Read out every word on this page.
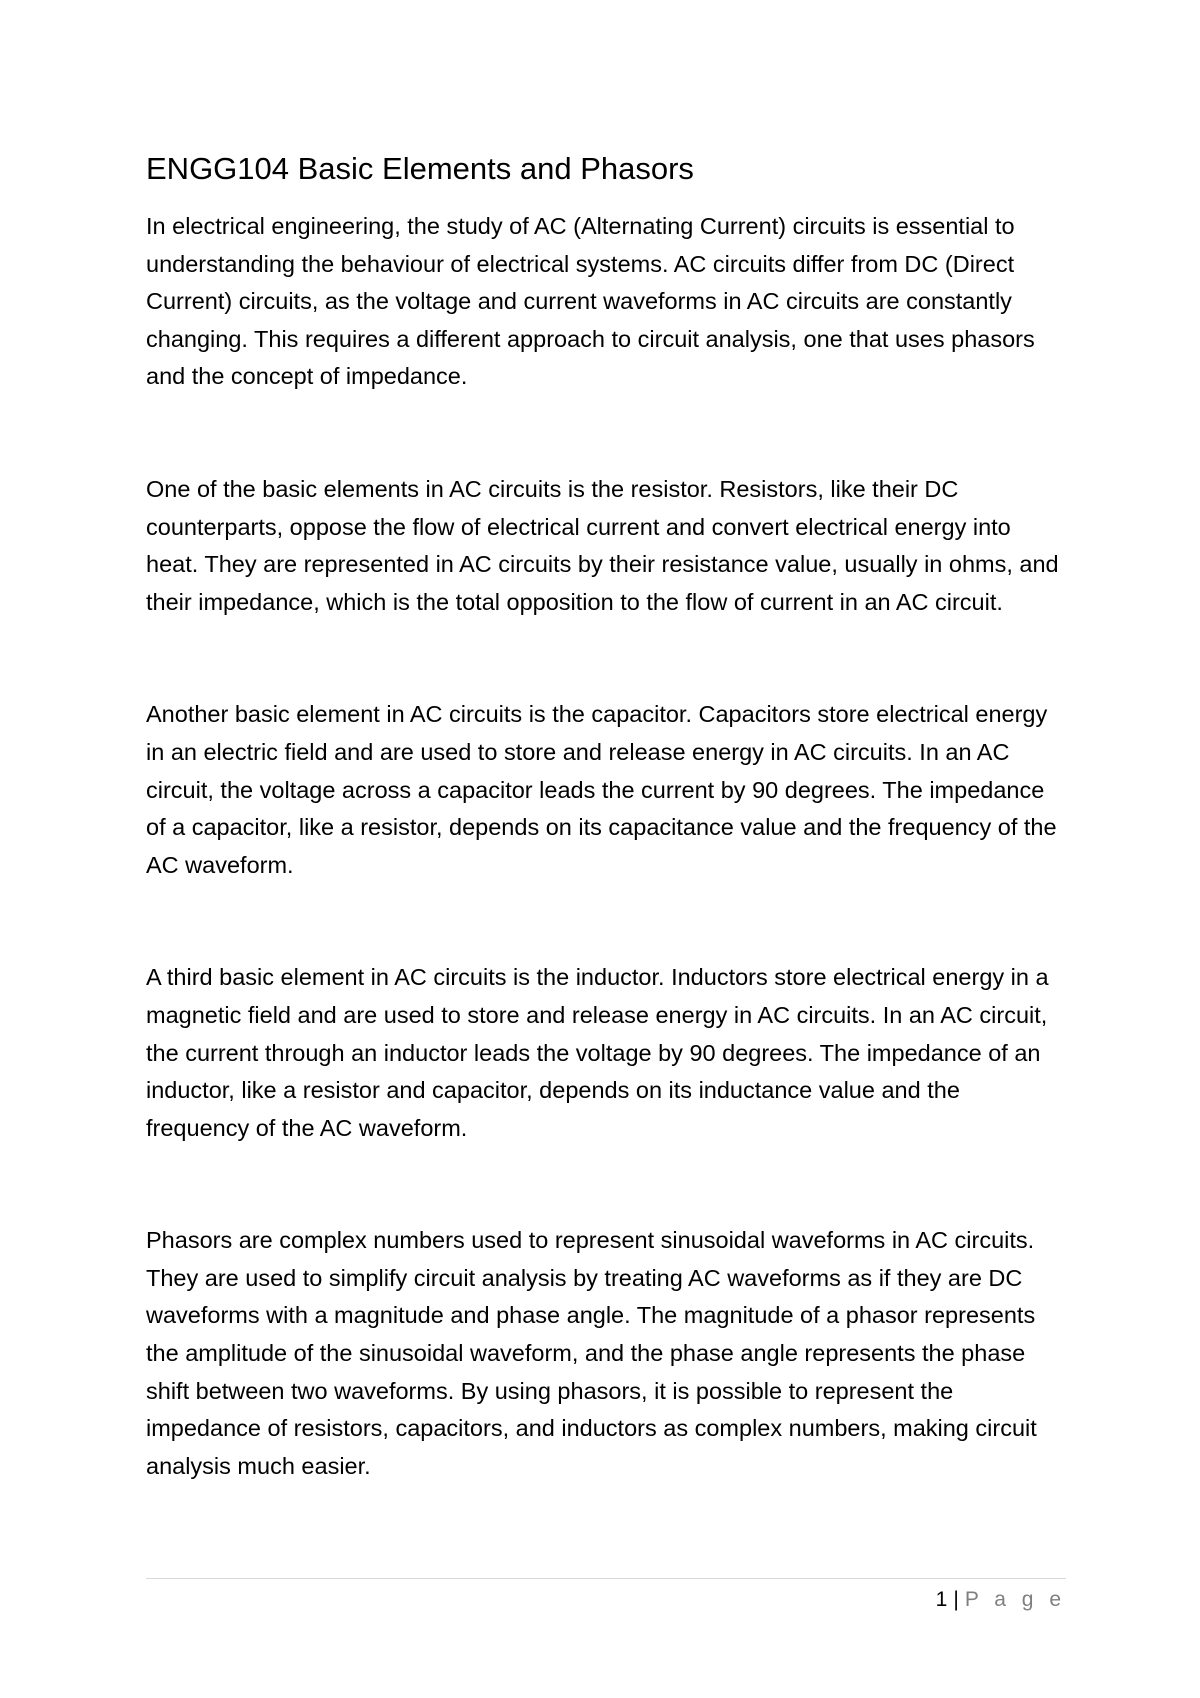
ENGG104 Basic Elements and Phasors

In electrical engineering, the study of AC (Alternating Current) circuits is essential to understanding the behaviour of electrical systems. AC circuits differ from DC (Direct Current) circuits, as the voltage and current waveforms in AC circuits are constantly changing. This requires a different approach to circuit analysis, one that uses phasors and the concept of impedance.

One of the basic elements in AC circuits is the resistor. Resistors, like their DC counterparts, oppose the flow of electrical current and convert electrical energy into heat. They are represented in AC circuits by their resistance value, usually in ohms, and their impedance, which is the total opposition to the flow of current in an AC circuit.

Another basic element in AC circuits is the capacitor. Capacitors store electrical energy in an electric field and are used to store and release energy in AC circuits. In an AC circuit, the voltage across a capacitor leads the current by 90 degrees. The impedance of a capacitor, like a resistor, depends on its capacitance value and the frequency of the AC waveform.

A third basic element in AC circuits is the inductor. Inductors store electrical energy in a magnetic field and are used to store and release energy in AC circuits. In an AC circuit, the current through an inductor leads the voltage by 90 degrees. The impedance of an inductor, like a resistor and capacitor, depends on its inductance value and the frequency of the AC waveform.

Phasors are complex numbers used to represent sinusoidal waveforms in AC circuits. They are used to simplify circuit analysis by treating AC waveforms as if they are DC waveforms with a magnitude and phase angle. The magnitude of a phasor represents the amplitude of the sinusoidal waveform, and the phase angle represents the phase shift between two waveforms. By using phasors, it is possible to represent the impedance of resistors, capacitors, and inductors as complex numbers, making circuit analysis much easier.

1 | P a g e
